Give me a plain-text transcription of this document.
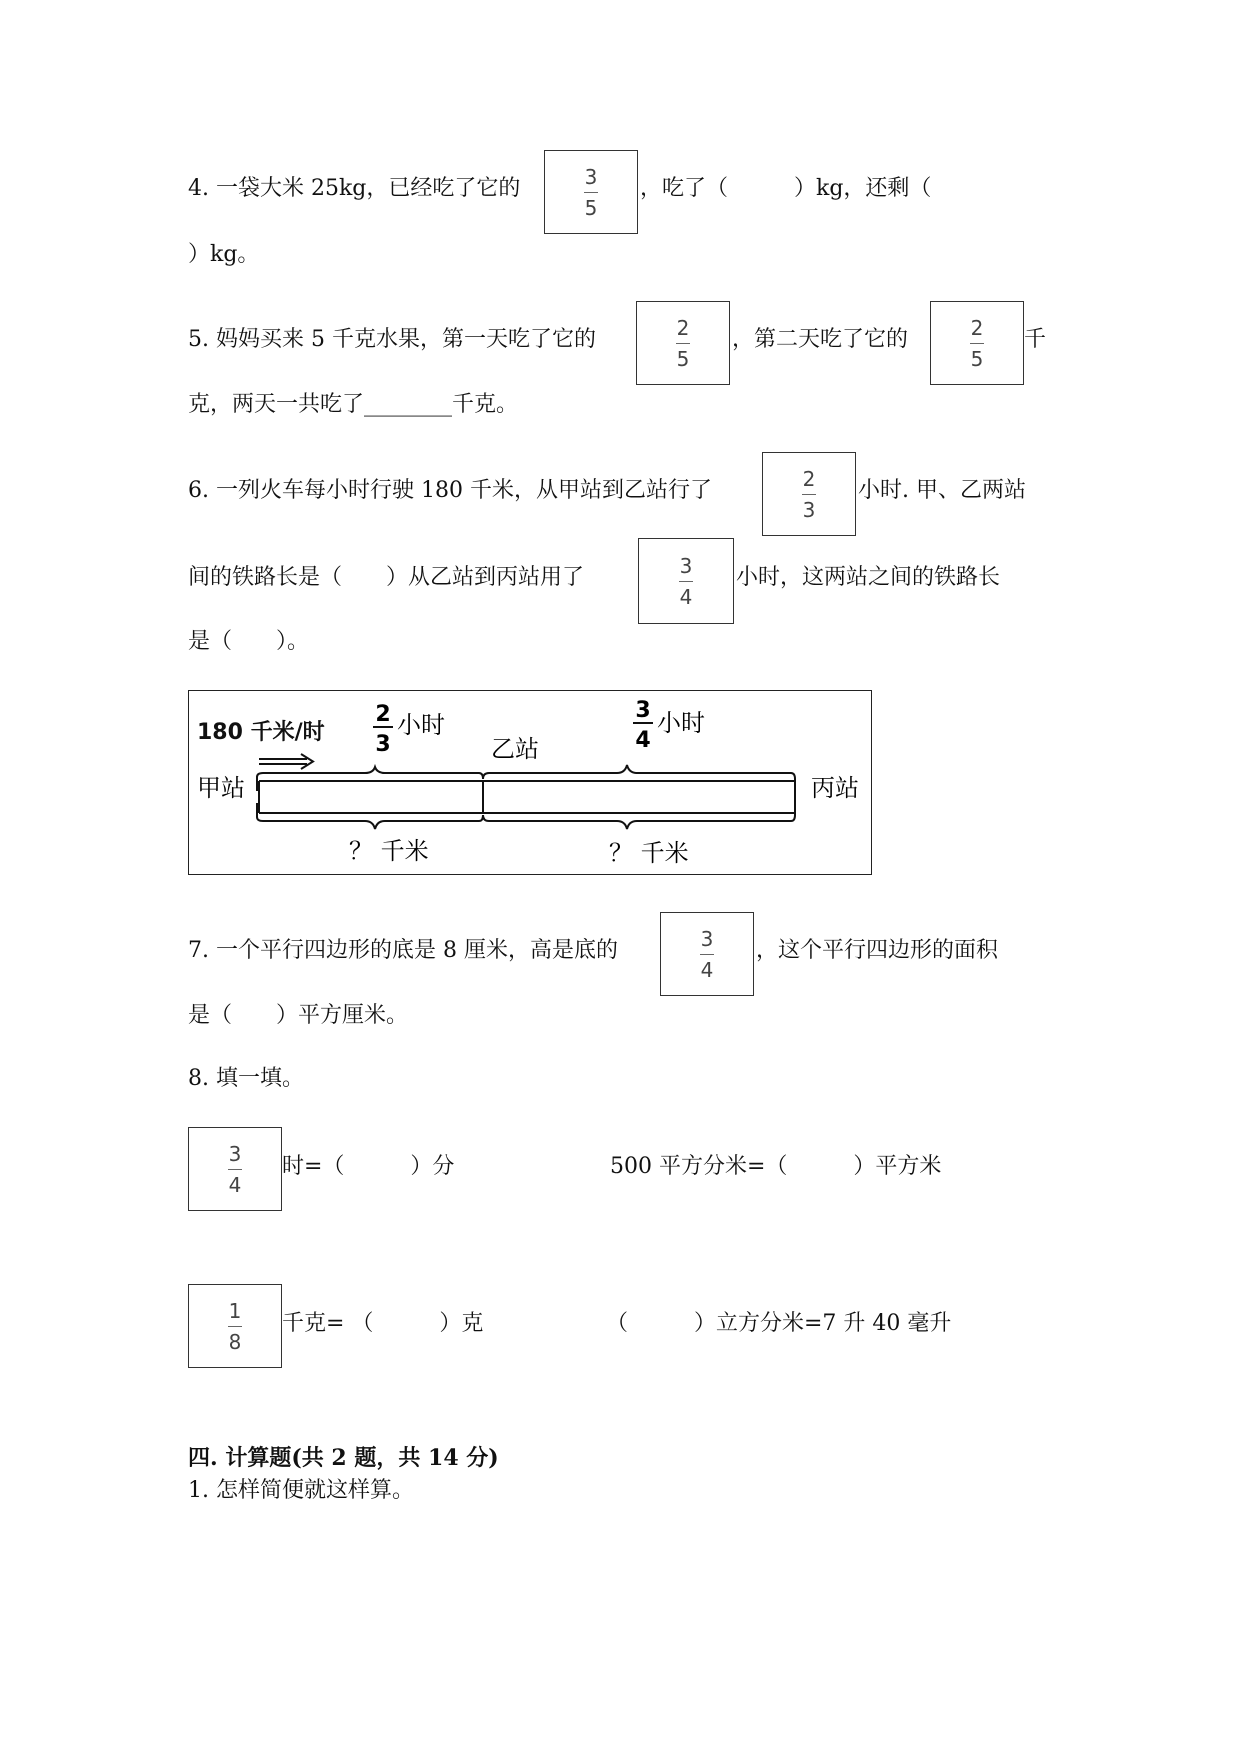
4. 一袋大米 25kg，已经吃了它的	$\frac{3}{5}$ ，吃了（　　　）kg，还剩（
）kg。
5. 妈妈买来 5 千克水果，第一天吃了它的	$\frac{2}{5}$ ，第二天吃了它的	$\frac{2}{5}$ 千
克，两天一共吃了________千克。
6. 一列火车每小时行驶 180 千米，从甲站到乙站行了	$\frac{2}{3}$ 小时. 甲、乙两站
间的铁路长是（　　）从乙站到丙站用了	$\frac{3}{4}$ 小时，这两站之间的铁路长
是（　　）。
180 千米/时
2
3
小时
3
4
小时
甲站
乙站
丙站
？ 千米	？ 千米
7. 一个平行四边形的底是 8 厘米，高是底的	$\frac{3}{4}$ ，这个平行四边形的面积
是（　　）平方厘米。
8. 填一填。
$\frac{3}{4}$ 时=（　　　）分	500 平方分米=（　　　）平方米
$\frac{1}{8}$ 千克= （　　　）克	（　　　）立方分米=7 升 40 毫升
四. 计算题(共 2 题，共 14 分)
1. 怎样简便就这样算。
